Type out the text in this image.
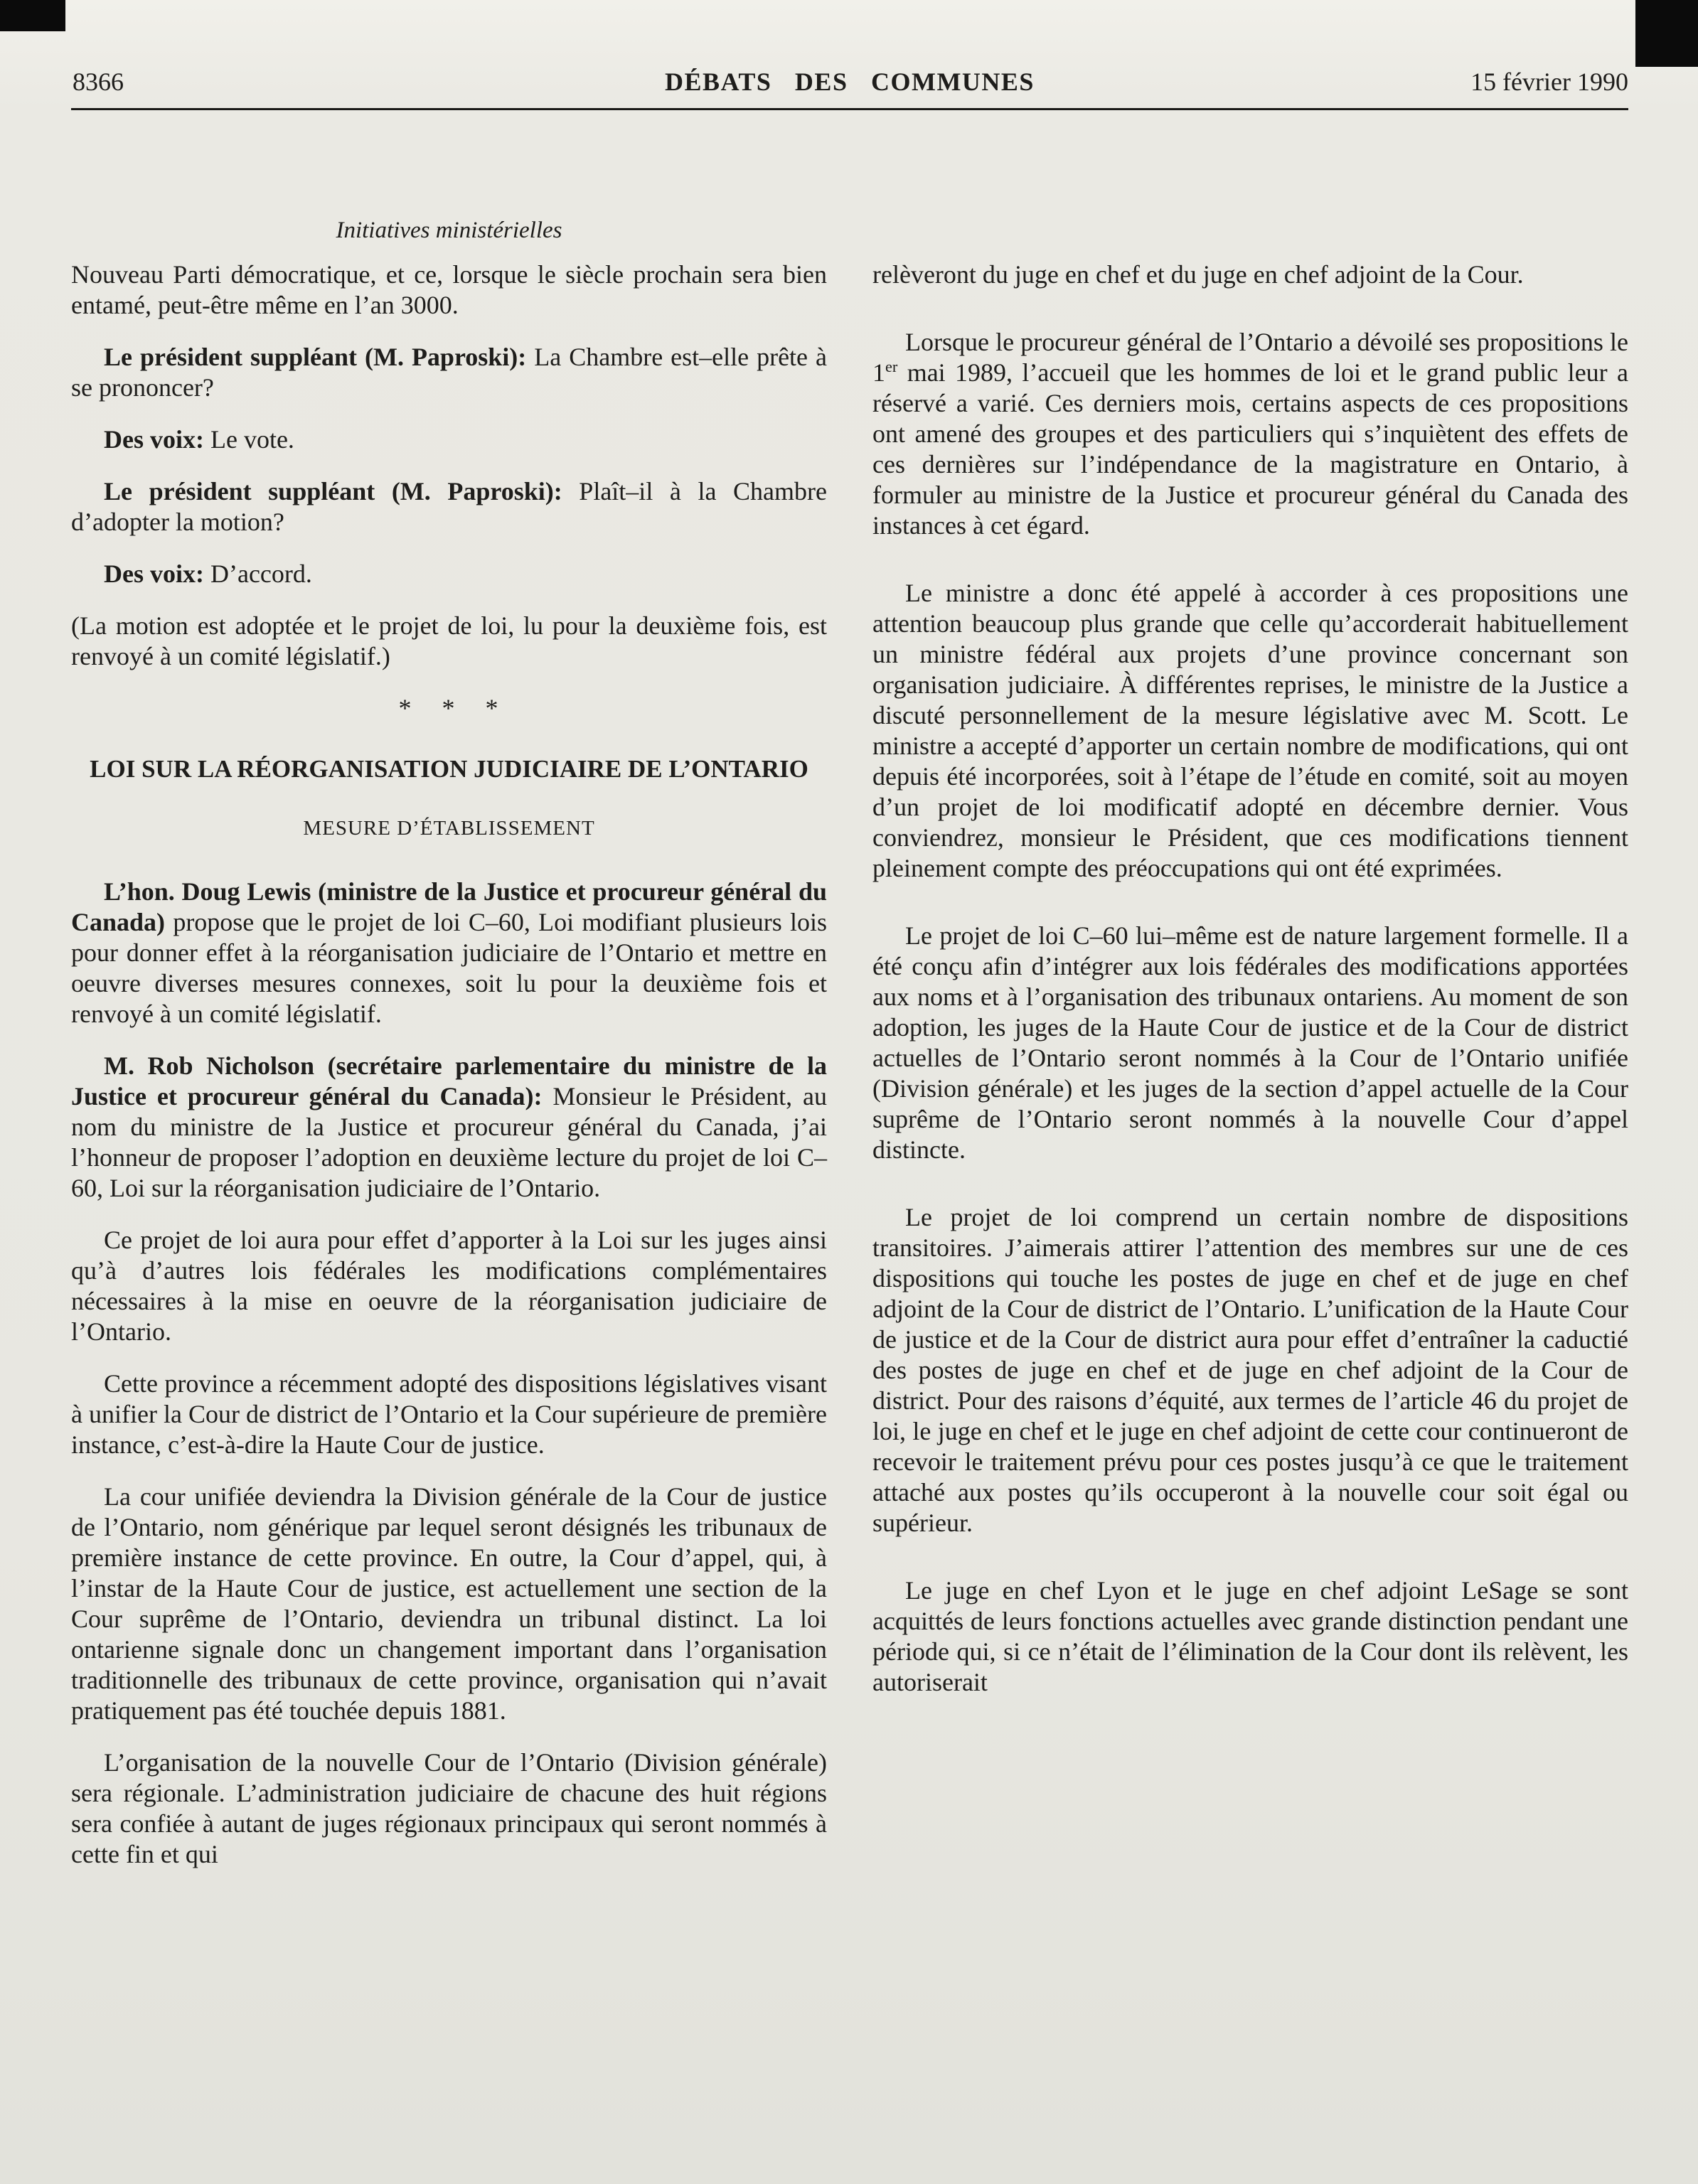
8366	DÉBATS DES COMMUNES	15 février 1990
Initiatives ministérielles

Nouveau Parti démocratique, et ce, lorsque le siècle prochain sera bien entamé, peut-être même en l’an 3000.

Le président suppléant (M. Paproski): La Chambre est–elle prête à se prononcer?

Des voix: Le vote.

Le président suppléant (M. Paproski): Plaît–il à la Chambre d’adopter la motion?

Des voix: D’accord.

(La motion est adoptée et le projet de loi, lu pour la deuxième fois, est renvoyé à un comité législatif.)

* * *
LOI SUR LA RÉORGANISATION JUDICIAIRE DE L’ONTARIO
MESURE D’ÉTABLISSEMENT

L’hon. Doug Lewis (ministre de la Justice et procureur général du Canada) propose que le projet de loi C–60, Loi modifiant plusieurs lois pour donner effet à la réorganisation judiciaire de l’Ontario et mettre en oeuvre diverses mesures connexes, soit lu pour la deuxième fois et renvoyé à un comité législatif.

M. Rob Nicholson (secrétaire parlementaire du ministre de la Justice et procureur général du Canada): Monsieur le Président, au nom du ministre de la Justice et procureur général du Canada, j’ai l’honneur de proposer l’adoption en deuxième lecture du projet de loi C–60, Loi sur la réorganisation judiciaire de l’Ontario.

Ce projet de loi aura pour effet d’apporter à la Loi sur les juges ainsi qu’à d’autres lois fédérales les modifications complémentaires nécessaires à la mise en oeuvre de la réorganisation judiciaire de l’Ontario.

Cette province a récemment adopté des dispositions législatives visant à unifier la Cour de district de l’Ontario et la Cour supérieure de première instance, c’est-à-dire la Haute Cour de justice.

La cour unifiée deviendra la Division générale de la Cour de justice de l’Ontario, nom générique par lequel seront désignés les tribunaux de première instance de cette province. En outre, la Cour d’appel, qui, à l’instar de la Haute Cour de justice, est actuellement une section de la Cour suprême de l’Ontario, deviendra un tribunal distinct. La loi ontarienne signale donc un changement important dans l’organisation traditionnelle des tribunaux de cette province, organisation qui n’avait pratiquement pas été touchée depuis 1881.

L’organisation de la nouvelle Cour de l’Ontario (Division générale) sera régionale. L’administration judiciaire de chacune des huit régions sera confiée à autant de juges régionaux principaux qui seront nommés à cette fin et qui

relèveront du juge en chef et du juge en chef adjoint de la Cour.

Lorsque le procureur général de l’Ontario a dévoilé ses propositions le 1er mai 1989, l’accueil que les hommes de loi et le grand public leur a réservé a varié. Ces derniers mois, certains aspects de ces propositions ont amené des groupes et des particuliers qui s’inquiètent des effets de ces dernières sur l’indépendance de la magistrature en Ontario, à formuler au ministre de la Justice et procureur général du Canada des instances à cet égard.

Le ministre a donc été appelé à accorder à ces propositions une attention beaucoup plus grande que celle qu’accorderait habituellement un ministre fédéral aux projets d’une province concernant son organisation judiciaire. À différentes reprises, le ministre de la Justice a discuté personnellement de la mesure législative avec M. Scott. Le ministre a accepté d’apporter un certain nombre de modifications, qui ont depuis été incorporées, soit à l’étape de l’étude en comité, soit au moyen d’un projet de loi modificatif adopté en décembre dernier. Vous conviendrez, monsieur le Président, que ces modifications tiennent pleinement compte des préoccupations qui ont été exprimées.

Le projet de loi C–60 lui–même est de nature largement formelle. Il a été conçu afin d’intégrer aux lois fédérales des modifications apportées aux noms et à l’organisation des tribunaux ontariens. Au moment de son adoption, les juges de la Haute Cour de justice et de la Cour de district actuelles de l’Ontario seront nommés à la Cour de l’Ontario unifiée (Division générale) et les juges de la section d’appel actuelle de la Cour suprême de l’Ontario seront nommés à la nouvelle Cour d’appel distincte.

Le projet de loi comprend un certain nombre de dispositions transitoires. J’aimerais attirer l’attention des membres sur une de ces dispositions qui touche les postes de juge en chef et de juge en chef adjoint de la Cour de district de l’Ontario. L’unification de la Haute Cour de justice et de la Cour de district aura pour effet d’entraîner la caductié des postes de juge en chef et de juge en chef adjoint de la Cour de district. Pour des raisons d’équité, aux termes de l’article 46 du projet de loi, le juge en chef et le juge en chef adjoint de cette cour continueront de recevoir le traitement prévu pour ces postes jusqu’à ce que le traitement attaché aux postes qu’ils occuperont à la nouvelle cour soit égal ou supérieur.

Le juge en chef Lyon et le juge en chef adjoint LeSage se sont acquittés de leurs fonctions actuelles avec grande distinction pendant une période qui, si ce n’était de l’élimination de la Cour dont ils relèvent, les autoriserait
